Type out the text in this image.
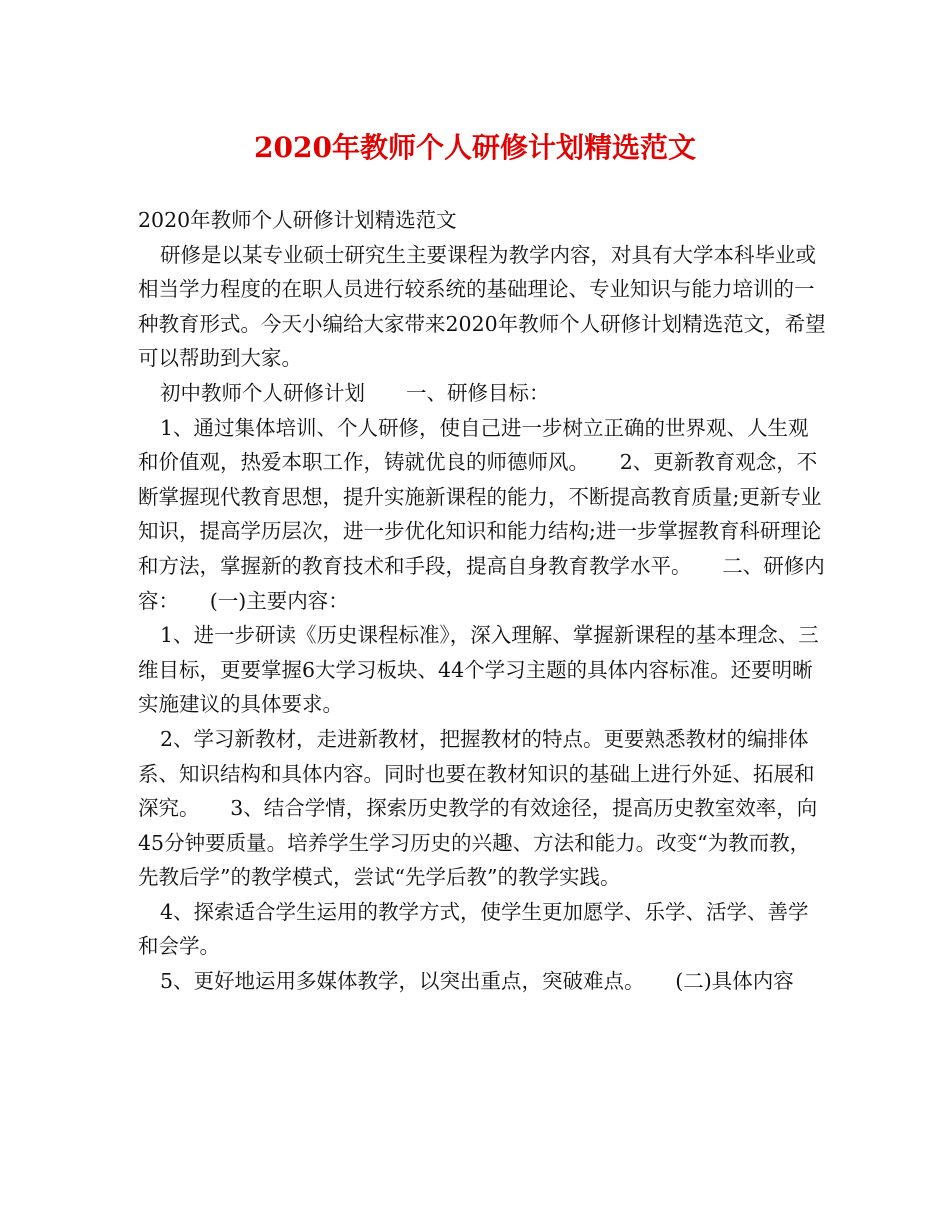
2020年教师个人研修计划精选范文

2020年教师个人研修计划精选范文

研修是以某专业硕士研究生主要课程为教学内容，对具有大学本科毕业或相当学力程度的在职人员进行较系统的基础理论、专业知识与能力培训的一种教育形式。今天小编给大家带来2020年教师个人研修计划精选范文，希望可以帮助到大家。

初中教师个人研修计划　　一、研修目标：

1、通过集体培训、个人研修，使自己进一步树立正确的世界观、人生观和价值观，热爱本职工作，铸就优良的师德师风。　　2、更新教育观念，不断掌握现代教育思想，提升实施新课程的能力，不断提高教育质量;更新专业知识，提高学历层次，进一步优化知识和能力结构;进一步掌握教育科研理论和方法，掌握新的教育技术和手段，提高自身教育教学水平。　　二、研修内容：　　(一)主要内容：

1、进一步研读《历史课程标准》，深入理解、掌握新课程的基本理念、三维目标，更要掌握6大学习板块、44个学习主题的具体内容标准。还要明晰实施建议的具体要求。

2、学习新教材，走进新教材，把握教材的特点。更要熟悉教材的编排体系、知识结构和具体内容。同时也要在教材知识的基础上进行外延、拓展和深究。　　3、结合学情，探索历史教学的有效途径，提高历史教室效率，向45分钟要质量。培养学生学习历史的兴趣、方法和能力。改变“为教而教，先教后学”的教学模式，尝试“先学后教”的教学实践。

4、探索适合学生运用的教学方式，使学生更加愿学、乐学、活学、善学和会学。

5、更好地运用多媒体教学，以突出重点，突破难点。　　(二)具体内容
